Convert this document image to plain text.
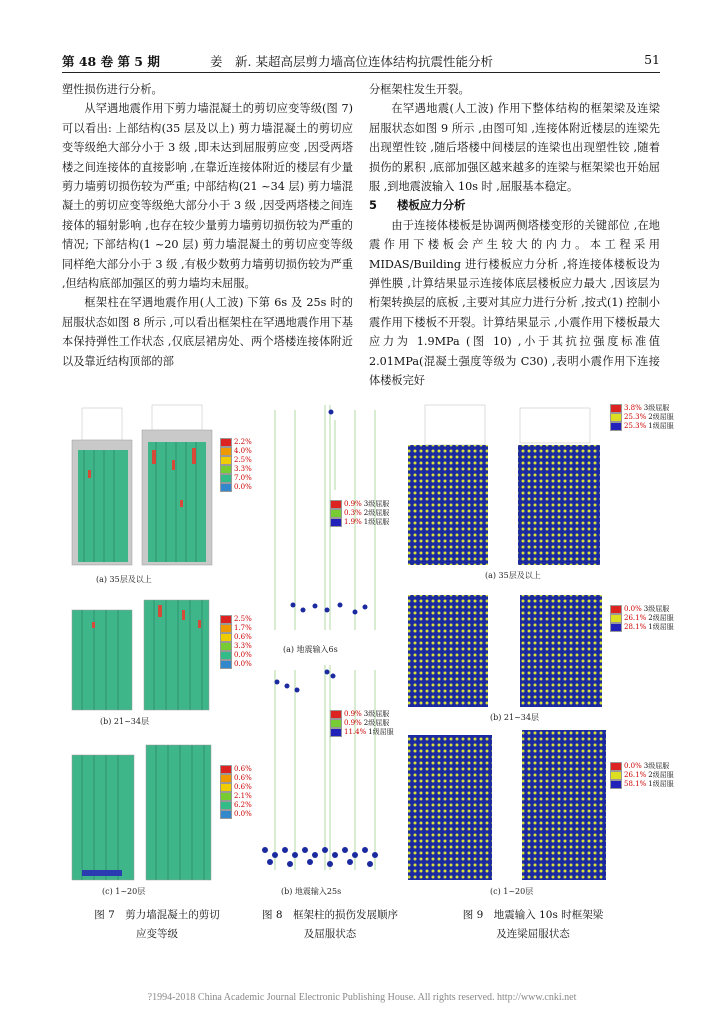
第 48 卷 第 5 期	姜　新. 某超高层剪力墙高位连体结构抗震性能分析	51

塑性损伤进行分析。

从罕遇地震作用下剪力墙混凝土的剪切应变等级(图 7) 可以看出: 上部结构(35 层及以上) 剪力墙混凝土的剪切应变等级绝大部分小于 3 级 ,即未达到屈服剪应变 ,因受两塔楼之间连接体的直接影响 ,在靠近连接体附近的楼层有少量剪力墙剪切损伤较为严重; 中部结构(21 ~34 层) 剪力墙混凝土的剪切应变等级绝大部分小于 3 级 ,因受两塔楼之间连接体的辐射影响 ,也存在较少量剪力墙剪切损伤较为严重的情况; 下部结构(1 ~20 层) 剪力墙混凝土的剪切应变等级同样绝大部分小于 3 级 ,有极少数剪力墙剪切损伤较为严重 ,但结构底部加强区的剪力墙均未屈服。

框架柱在罕遇地震作用(人工波) 下第 6s 及 25s 时的屈服状态如图 8 所示 ,可以看出框架柱在罕遇地震作用下基本保持弹性工作状态 ,仅底层裙房处、两个塔楼连接体附近以及靠近结构顶部的部

分框架柱发生开裂。

在罕遇地震(人工波) 作用下整体结构的框架梁及连梁屈服状态如图 9 所示 ,由图可知 ,连接体附近楼层的连梁先出现塑性铰 ,随后塔楼中间楼层的连梁也出现塑性铰 ,随着损伤的累积 ,底部加强区越来越多的连梁与框架梁也开始屈服 ,到地震波输入 10s 时 ,屈服基本稳定。

5 楼板应力分析

由于连接体楼板是协调两侧塔楼变形的关键部位 ,在地震作用下楼板会产生较大的内力。本工程采用 MIDAS/Building 进行楼板应力分析 ,将连接体楼板设为弹性膜 ,计算结果显示连接体底层楼板应力最大 ,因该层为桁架转换层的底板 ,主要对其应力进行分析 ,按式(1) 控制小震作用下楼板不开裂。计算结果显示 ,小震作用下楼板最大应力为 1.9MPa (图 10) ,小于其抗拉强度标准值 2.01MPa(混凝土强度等级为 C30) ,表明小震作用下连接体楼板完好

(a) 35层及以上
(b) 21~34层
(c) 1~20层
2.2%
4.0%
2.5%
3.3%
7.0%
0.0%
2.5%
1.7%
0.6%
3.3%
0.0%
0.0%
0.6%
0.6%
0.6%
2.1%
6.2%
0.0%
(a) 地震输入6s
(b) 地震输入25s
0.9% 3级屈服
0.3% 2级屈服
1.9% 1级屈服
0.9% 3级屈服
0.9% 2级屈服
11.4% 1级屈服
(a) 35层及以上
(b) 21~34层
(c) 1~20层
3.8% 3级屈服
25.3% 2级屈服
25.3% 1级屈服
0.0% 3级屈服
26.1% 2级屈服
28.1% 1级屈服
0.0% 3级屈服
26.1% 2级屈服
58.1% 1级屈服
图 7　剪力墙混凝土的剪切
应变等级
图 8　框架柱的损伤发展顺序
及屈服状态
图 9　地震输入 10s 时框架梁
及连梁屈服状态
?1994-2018 China Academic Journal Electronic Publishing House. All rights reserved. http://www.cnki.net
